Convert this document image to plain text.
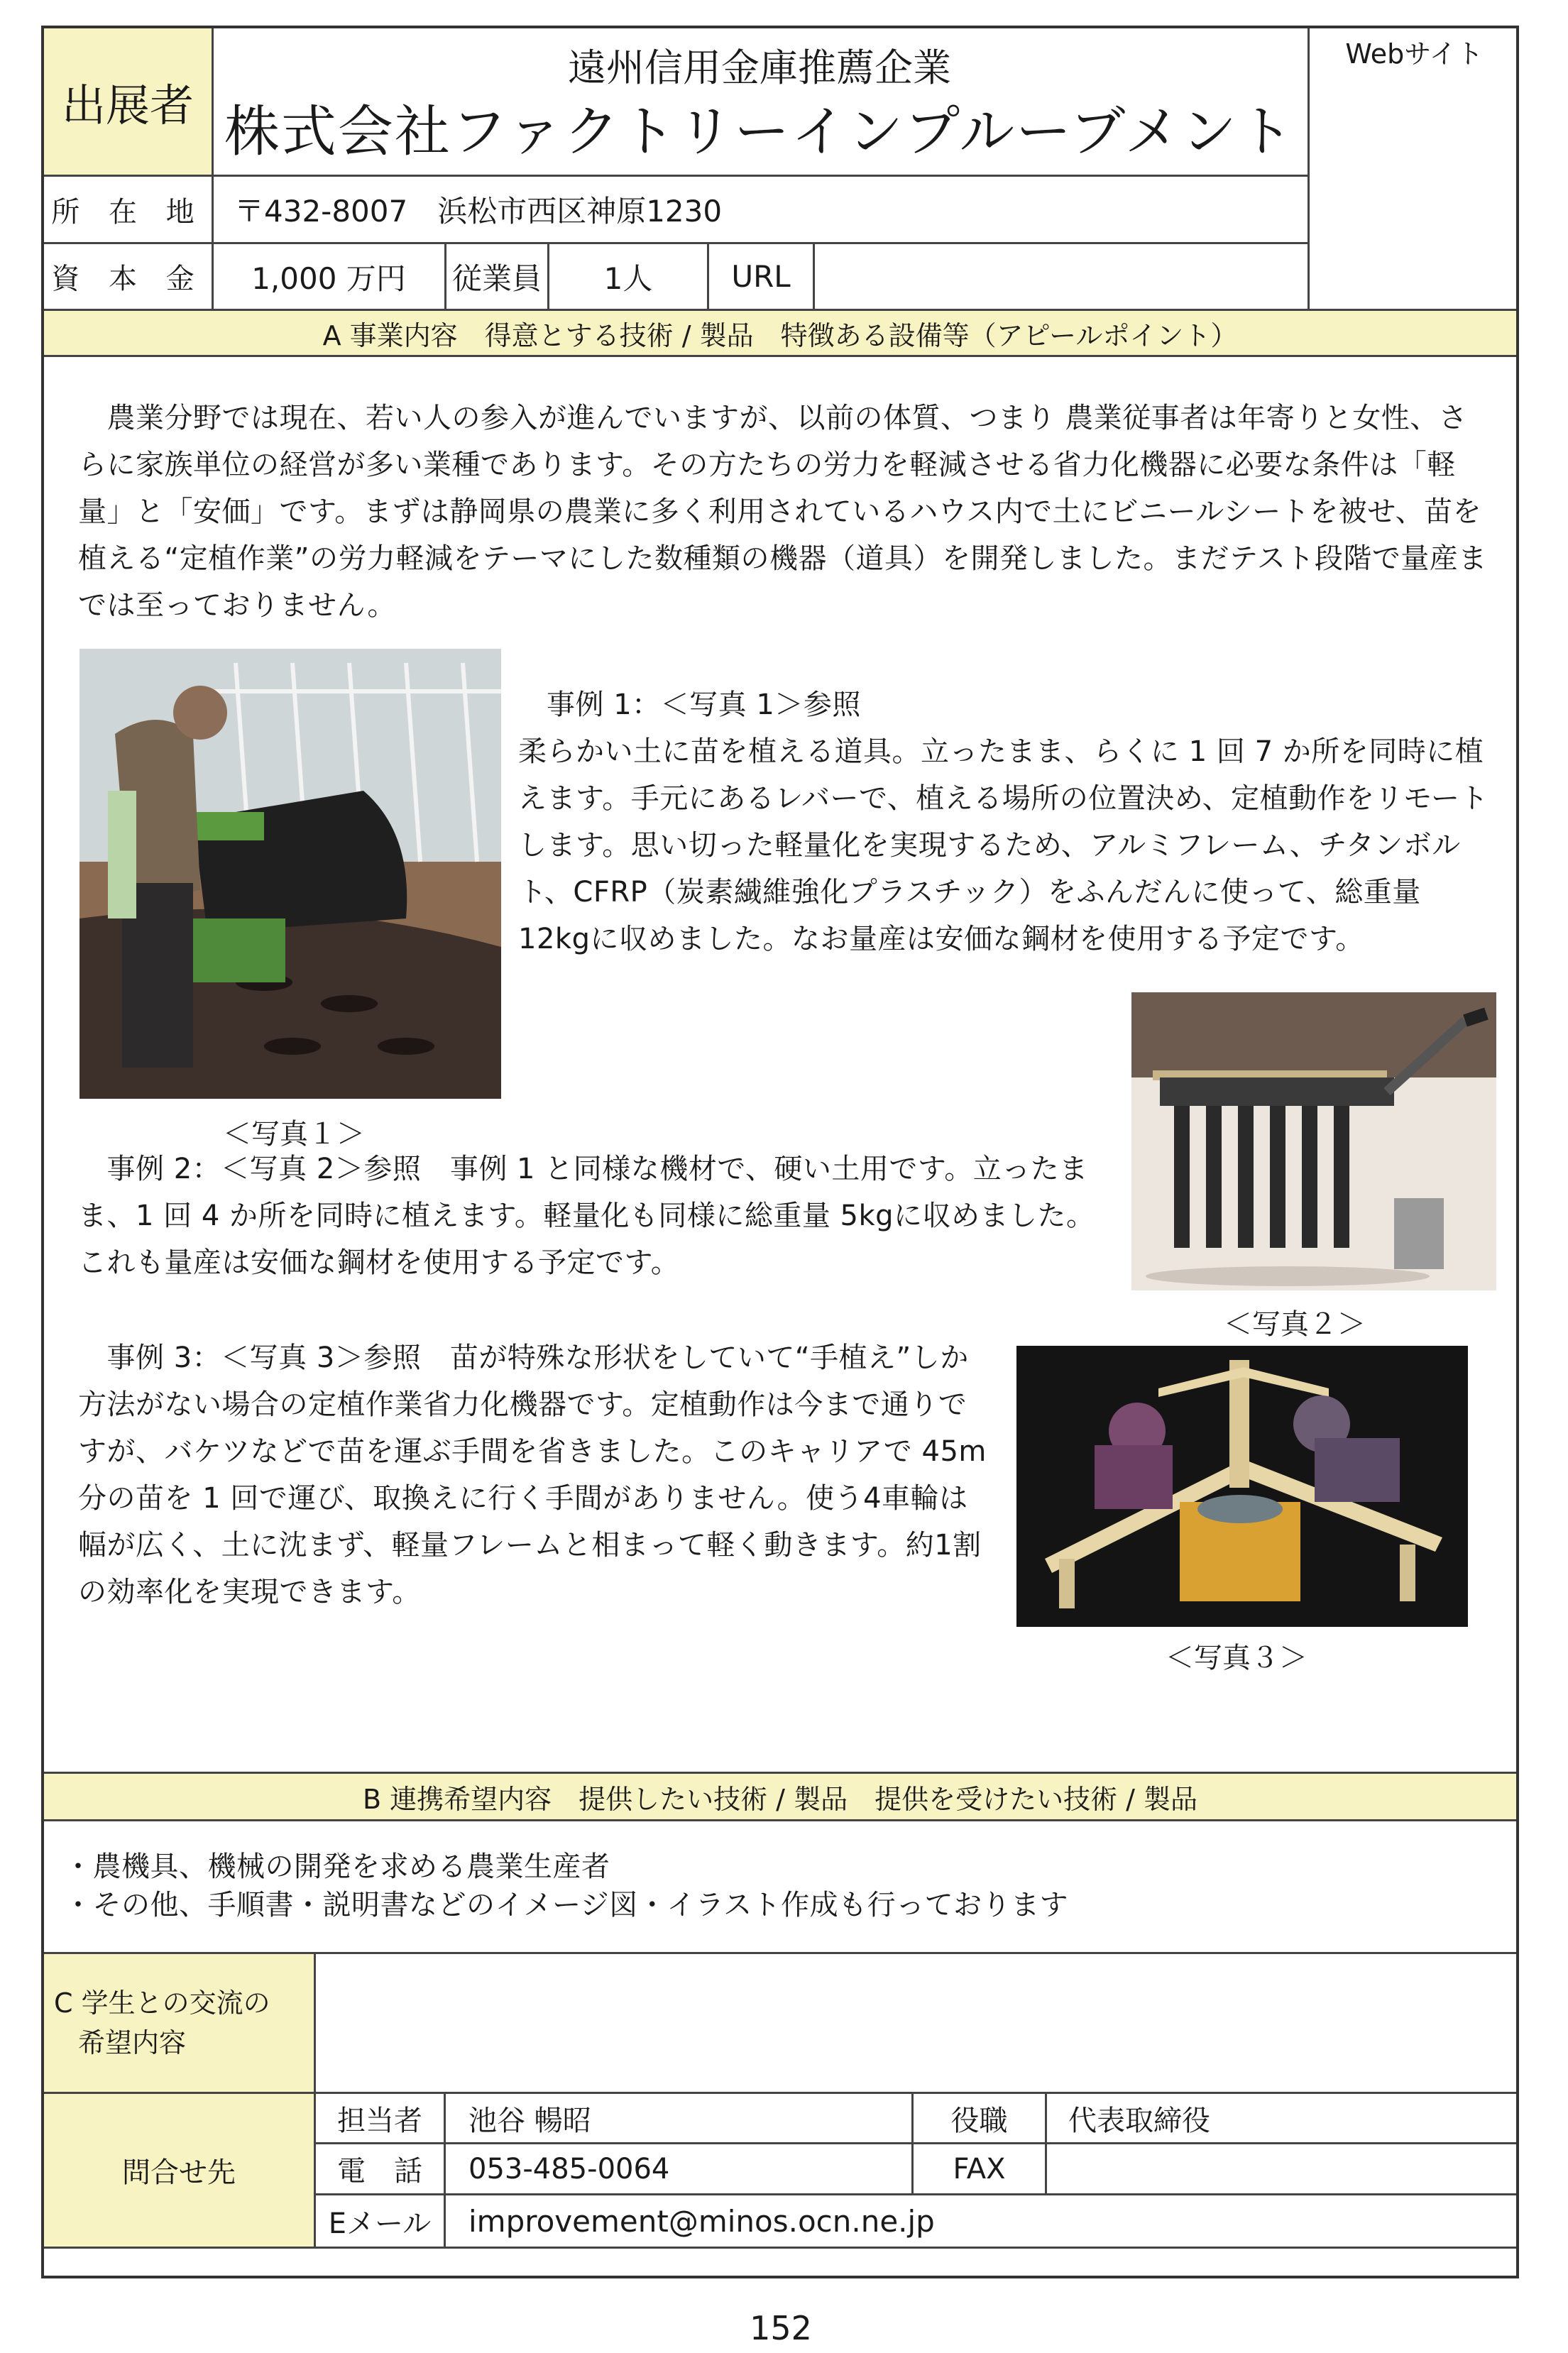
出展者
遠州信用金庫推薦企業
株式会社ファクトリーインプルーブメント
Webサイト
所 在 地 〒432-8007　浜松市西区神原1230
資 本 金	1,000 万円	従業員	1人	URL
A 事業内容　得意とする技術 / 製品　特徴ある設備等（アピールポイント）
　農業分野では現在、若い人の参入が進んでいますが、以前の体質、つまり 農業従事者は年寄りと女性、さらに家族単位の経営が多い業種であります。その方たちの労力を軽減させる省力化機器に必要な条件は「軽量」と「安価」です。まずは静岡県の農業に多く利用されているハウス内で土にビニールシートを被せ、苗を植える“定植作業”の労力軽減をテーマにした数種類の機器（道具）を開発しました。まだテスト段階で量産までは至っておりません。
＜写真１＞
事例 1：＜写真 1＞参照
柔らかい土に苗を植える道具。立ったまま、らくに 1 回 7 か所を同時に植えます。手元にあるレバーで、植える場所の位置決め、定植動作をリモートします。思い切った軽量化を実現するため、アルミフレーム、チタンボルト、CFRP（炭素繊維強化プラスチック）をふんだんに使って、総重量12kgに収めました。なお量産は安価な鋼材を使用する予定です。
＜写真２＞
　事例 2：＜写真 2＞参照　事例 1 と同様な機材で、硬い土用です。立ったまま、1 回 4 か所を同時に植えます。軽量化も同様に総重量 5kgに収めました。これも量産は安価な鋼材を使用する予定です。
＜写真３＞
　事例 3：＜写真 3＞参照　苗が特殊な形状をしていて“手植え”しか方法がない場合の定植作業省力化機器です。定植動作は今まで通りですが、バケツなどで苗を運ぶ手間を省きました。このキャリアで 45m分の苗を 1 回で運び、取換えに行く手間がありません。使う4車輪は幅が広く、土に沈まず、軽量フレームと相まって軽く動きます。約1割の効率化を実現できます。
B 連携希望内容　提供したい技術 / 製品　提供を受けたい技術 / 製品
・農機具、機械の開発を求める農業生産者
・その他、手順書・説明書などのイメージ図・イラスト作成も行っております
C 学生との交流の
希望内容
問合せ先
担当者	池谷 暢昭	役職	代表取締役
電　話	053-485-0064	FAX
Eメール	improvement@minos.ocn.ne.jp
152
